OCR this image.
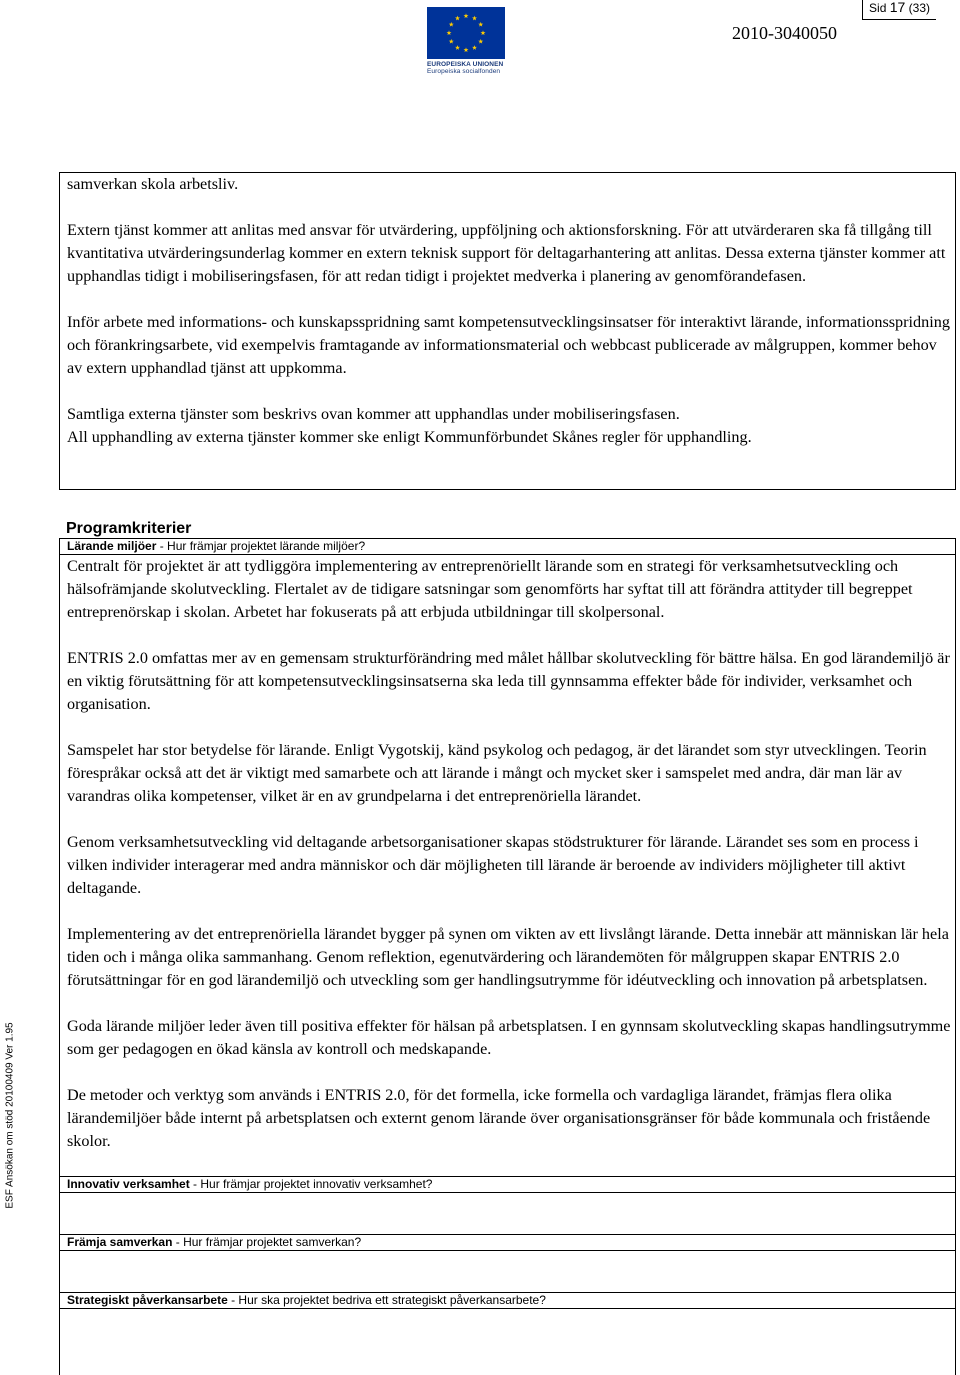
Sid 17 (33)
EUROPEISKA UNIONEN
Europeiska socialfonden
2010-3040050
ESF Ansökan om stöd 20100409 Ver 1.95

samverkan skola arbetsliv.

Extern tjänst kommer att anlitas med ansvar för utvärdering, uppföljning och aktionsforskning. För att utvärderaren ska få tillgång till kvantitativa utvärderingsunderlag kommer en extern teknisk support för deltagarhantering att anlitas. Dessa externa tjänster kommer att upphandlas tidigt i mobiliseringsfasen, för att redan tidigt i projektet medverka i planering av genomförandefasen.

Inför arbete med informations- och kunskapsspridning samt kompetensutvecklingsinsatser för interaktivt lärande, informationsspridning och förankringsarbete, vid exempelvis framtagande av informationsmaterial och webbcast publicerade av målgruppen, kommer behov av extern upphandlad tjänst att uppkomma.

Samtliga externa tjänster som beskrivs ovan kommer att upphandlas under mobiliseringsfasen.

All upphandling av externa tjänster kommer ske enligt Kommunförbundet Skånes regler för upphandling.

Programkriterier
Lärande miljöer - Hur främjar projektet lärande miljöer?

Centralt för projektet är att tydliggöra implementering av entreprenöriellt lärande som en strategi för verksamhetsutveckling och hälsofrämjande skolutveckling. Flertalet av de tidigare satsningar som genomförts har syftat till att förändra attityder till begreppet entreprenörskap i skolan. Arbetet har fokuserats på att erbjuda utbildningar till skolpersonal.

ENTRIS 2.0 omfattas mer av en gemensam strukturförändring med målet hållbar skolutveckling för bättre hälsa. En god lärandemiljö är en viktig förutsättning för att kompetensutvecklingsinsatserna ska leda till gynnsamma effekter både för individer, verksamhet och organisation.

Samspelet har stor betydelse för lärande. Enligt Vygotskij, känd psykolog och pedagog, är det lärandet som styr utvecklingen. Teorin förespråkar också att det är viktigt med samarbete och att lärande i mångt och mycket sker i samspelet med andra, där man lär av varandras olika kompetenser, vilket är en av grundpelarna i det entreprenöriella lärandet.

Genom verksamhetsutveckling vid deltagande arbetsorganisationer skapas stödstrukturer för lärande. Lärandet ses som en process i vilken individer interagerar med andra människor och där möjligheten till lärande är beroende av individers möjligheter till aktivt deltagande.

Implementering av det entreprenöriella lärandet bygger på synen om vikten av ett livslångt lärande. Detta innebär att människan lär hela tiden och i många olika sammanhang. Genom reflektion, egenutvärdering och lärandemöten för målgruppen skapar ENTRIS 2.0 förutsättningar för en god lärandemiljö och utveckling som ger handlingsutrymme för idéutveckling och innovation på arbetsplatsen.

Goda lärande miljöer leder även till positiva effekter för hälsan på arbetsplatsen. I en gynnsam skolutveckling skapas handlingsutrymme som ger pedagogen en ökad känsla av kontroll och medskapande.

De metoder och verktyg som används i ENTRIS 2.0, för det formella, icke formella och vardagliga lärandet, främjas flera olika lärandemiljöer både internt på arbetsplatsen och externt genom lärande över organisationsgränser för både kommunala och fristående skolor.

Innovativ verksamhet - Hur främjar projektet innovativ verksamhet?
Främja samverkan - Hur främjar projektet samverkan?
Strategiskt påverkansarbete - Hur ska projektet bedriva ett strategiskt påverkansarbete?
